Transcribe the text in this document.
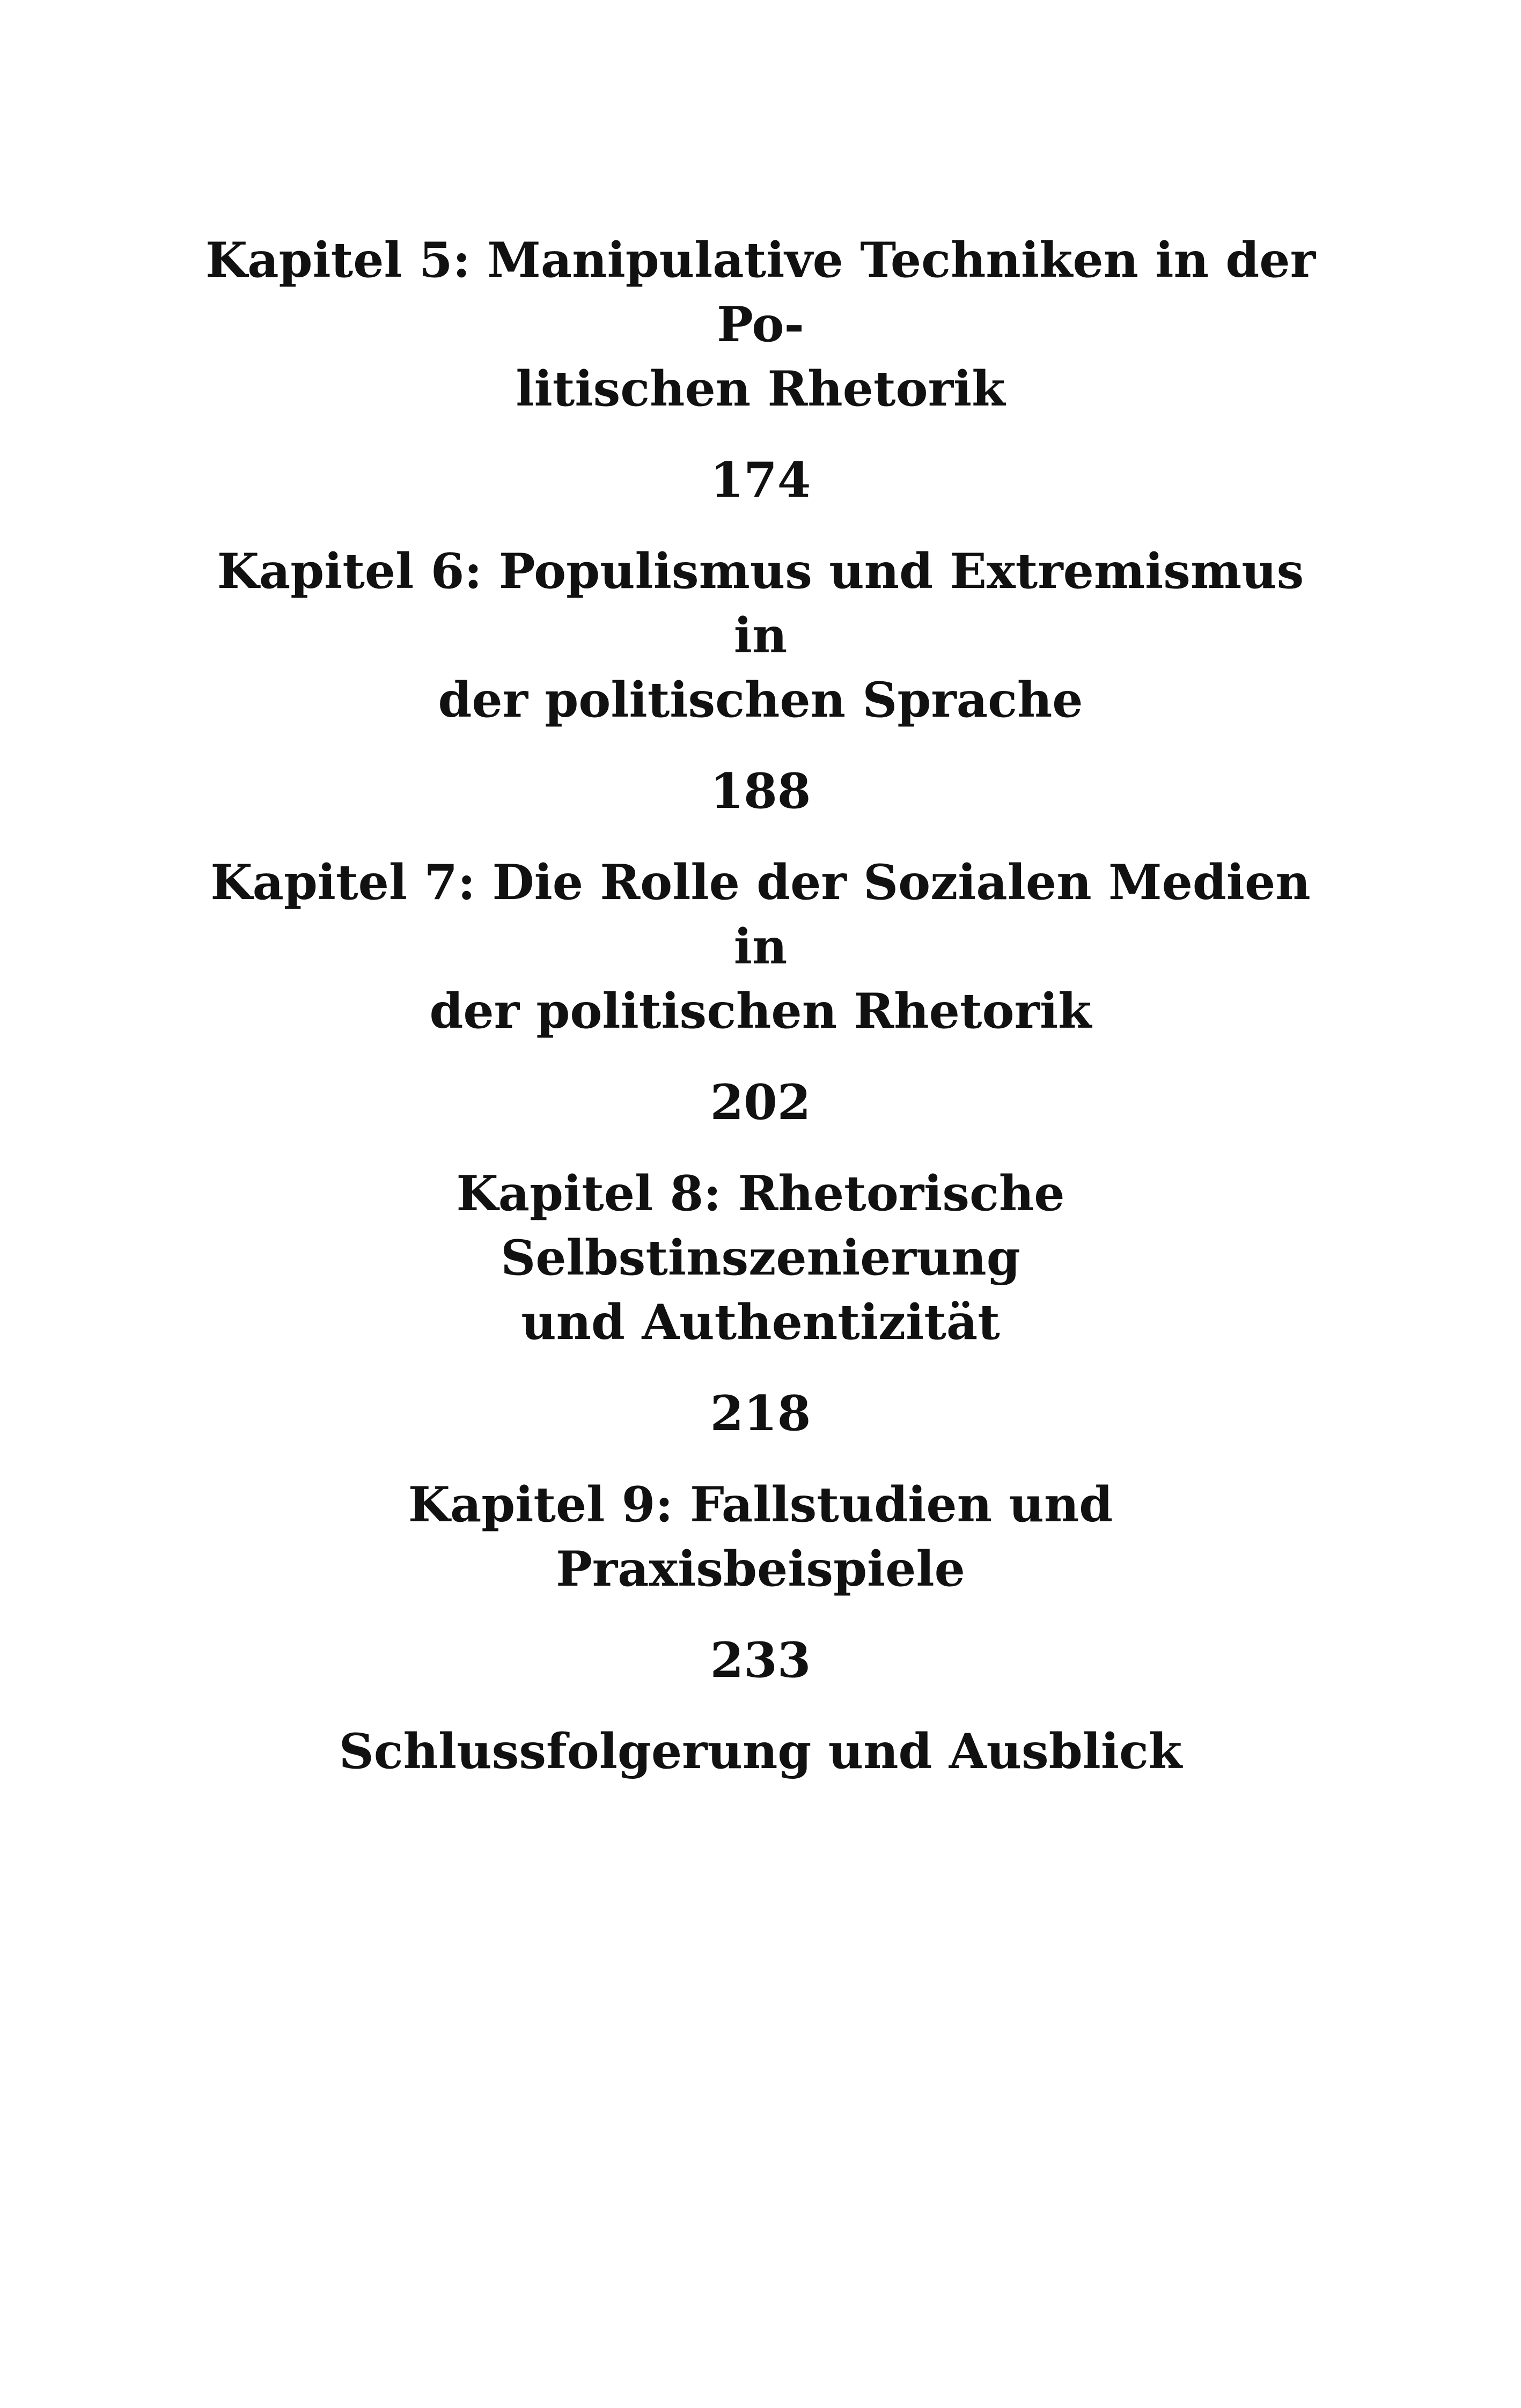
Kapitel 5: Manipulative Techniken in der Po-
litischen Rhetorik
174
Kapitel 6: Populismus und Extremismus in
der politischen Sprache
188
Kapitel 7: Die Rolle der Sozialen Medien in
der politischen Rhetorik
202
Kapitel 8: Rhetorische Selbstinszenierung
und Authentizität
218
Kapitel 9: Fallstudien und Praxisbeispiele
233
Schlussfolgerung und Ausblick
